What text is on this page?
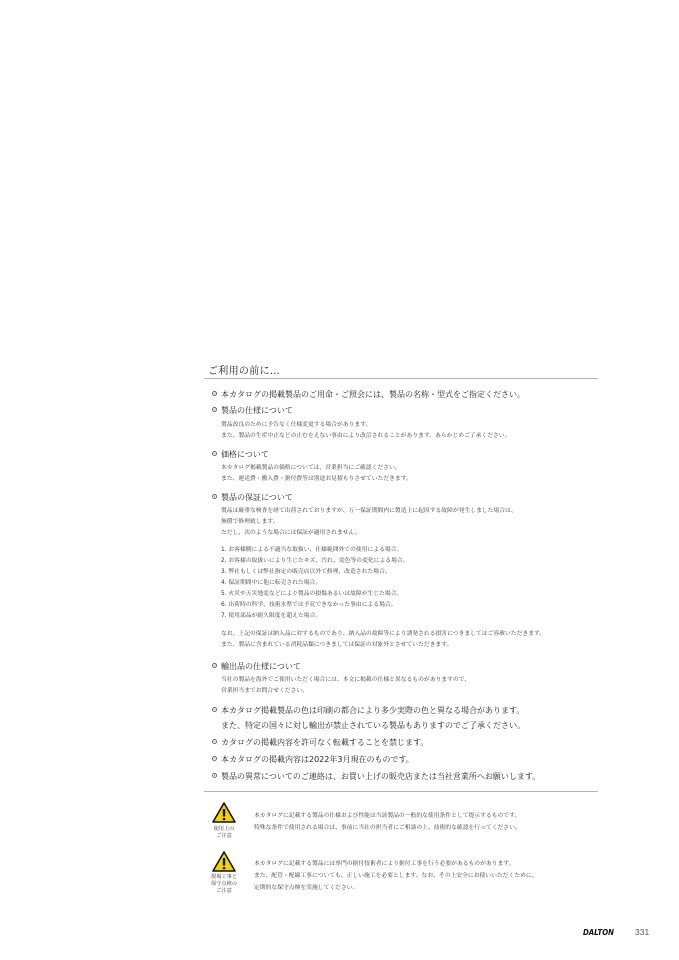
ご利用の前に…
本カタログの掲載製品のご用命・ご照会には、製品の名称・型式をご指定ください。
製品の仕様について
製品改良のために予告なく仕様変更する場合があります。
また、製品の生産中止などの止むをえない事由により改訂されることがあります。あらかじめご了承ください。
価格について
本カタログ掲載製品の価格については、営業担当にご確認ください。
また、運送費・搬入費・据付費等は別途お見積もりさせていただきます。
製品の保証について
製品は厳重な検査を経て出荷されておりますが、万一保証期間内に製造上に起因する故障が発生しました場合は、
無償で修理致します。
ただし、次のような場合には保証が適用されません。
1. お客様側による不適当な取扱い、仕様範囲外での使用による場合。
2. お客様の取扱いにより生じたキズ、汚れ、変色等の変化による場合。
3. 弊社もしくは弊社指定の販売店以外で修理、改造された場合。
4. 保証期間中に他に転売された場合。
5. 火災や天災地変などにより製品の損傷あるいは故障が生じた場合。
6. 出荷時の科学、技術水準では予見できなかった事由による場合。
7. 使用部品が耐久限度を超えた場合。
なお、上記の保証は納入品に対するものであり、納入品の故障等により誘発される損害につきましてはご容赦いただきます。
また、製品に含まれている消耗品類につきましては保証の対象外とさせていただきます。
輸出品の仕様について
当社の製品を海外でご使用いただく場合には、本文に掲載の仕様と異なるものがありますので、
営業担当までお問合せください。
本カタログ掲載製品の色は印刷の都合により多少実際の色と異なる場合があります。
また、特定の国々に対し輸出が禁止されている製品もありますのでご了承ください。
カタログの掲載内容を許可なく転載することを禁じます。
本カタログの掲載内容は2022年3月現在のものです。
製品の異常についてのご連絡は、お買い上げの販売店または当社営業所へお願いします。
使用上の
ご注意
本カタログに記載する製品の仕様および性能は当該製品の一般的な使用条件として提示するものです。
特殊な条件で使用される場合は、事前に当社の担当者にご相談の上、技術的な確認を行ってください。
現場工事と
保守点検の
ご注意
本カタログに記載する製品には専門の据付技術者により据付工事を行う必要があるものがあります。
また、配管・配線工事についても、正しい施工を必要とします。なお、その上安全にお使いいただくために、
定期的な保守点検を実施してください。
DALTON 331
